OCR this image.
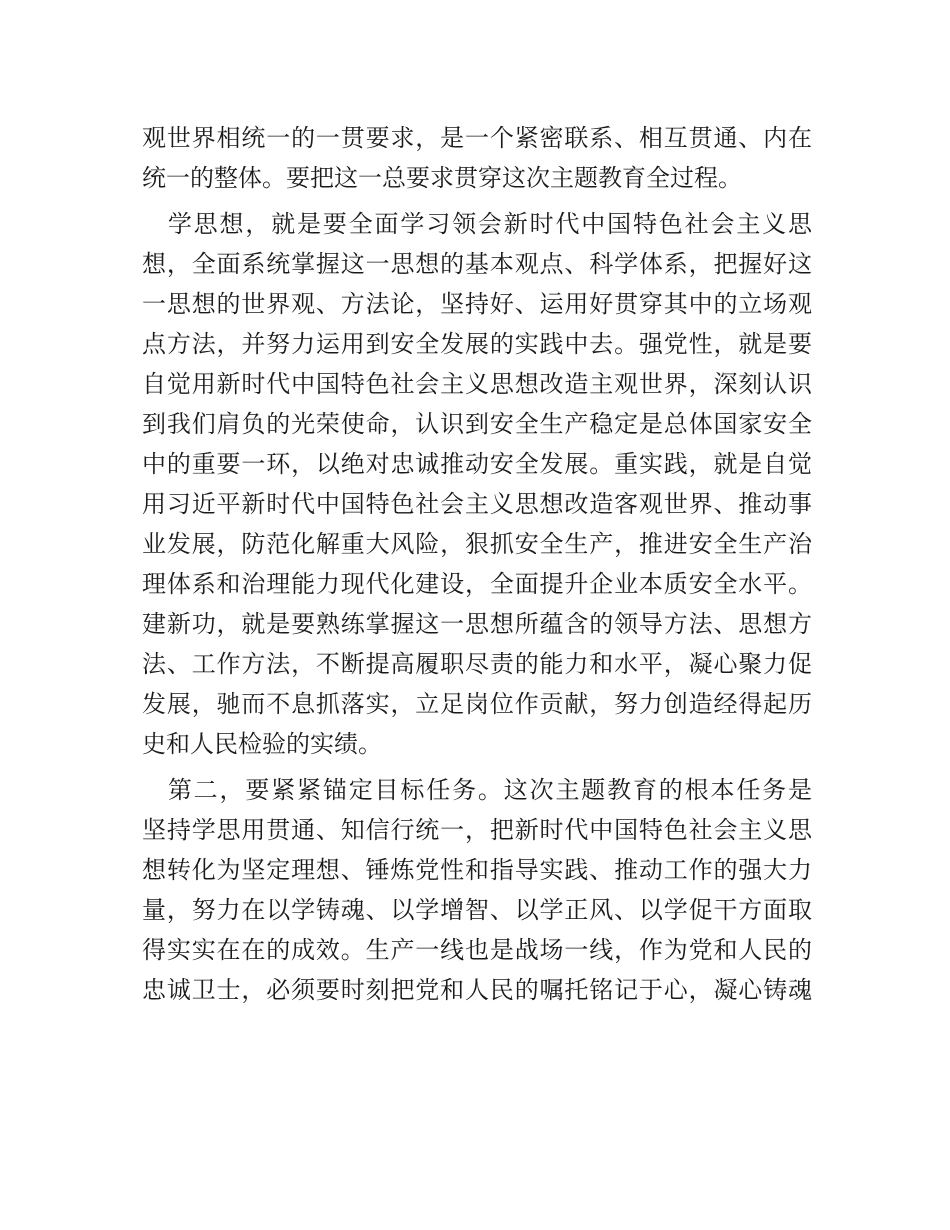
观世界相统一的一贯要求，是一个紧密联系、相互贯通、内在
统一的整体。要把这一总要求贯穿这次主题教育全过程。
　学思想，就是要全面学习领会新时代中国特色社会主义思
想，全面系统掌握这一思想的基本观点、科学体系，把握好这
一思想的世界观、方法论，坚持好、运用好贯穿其中的立场观
点方法，并努力运用到安全发展的实践中去。强党性，就是要
自觉用新时代中国特色社会主义思想改造主观世界，深刻认识
到我们肩负的光荣使命，认识到安全生产稳定是总体国家安全
中的重要一环，以绝对忠诚推动安全发展。重实践，就是自觉
用习近平新时代中国特色社会主义思想改造客观世界、推动事
业发展，防范化解重大风险，狠抓安全生产，推进安全生产治
理体系和治理能力现代化建设，全面提升企业本质安全水平。
建新功，就是要熟练掌握这一思想所蕴含的领导方法、思想方
法、工作方法，不断提高履职尽责的能力和水平，凝心聚力促
发展，驰而不息抓落实，立足岗位作贡献，努力创造经得起历
史和人民检验的实绩。
　第二，要紧紧锚定目标任务。这次主题教育的根本任务是
坚持学思用贯通、知信行统一，把新时代中国特色社会主义思
想转化为坚定理想、锤炼党性和指导实践、推动工作的强大力
量，努力在以学铸魂、以学增智、以学正风、以学促干方面取
得实实在在的成效。生产一线也是战场一线，作为党和人民的
忠诚卫士，必须要时刻把党和人民的嘱托铭记于心，凝心铸魂
